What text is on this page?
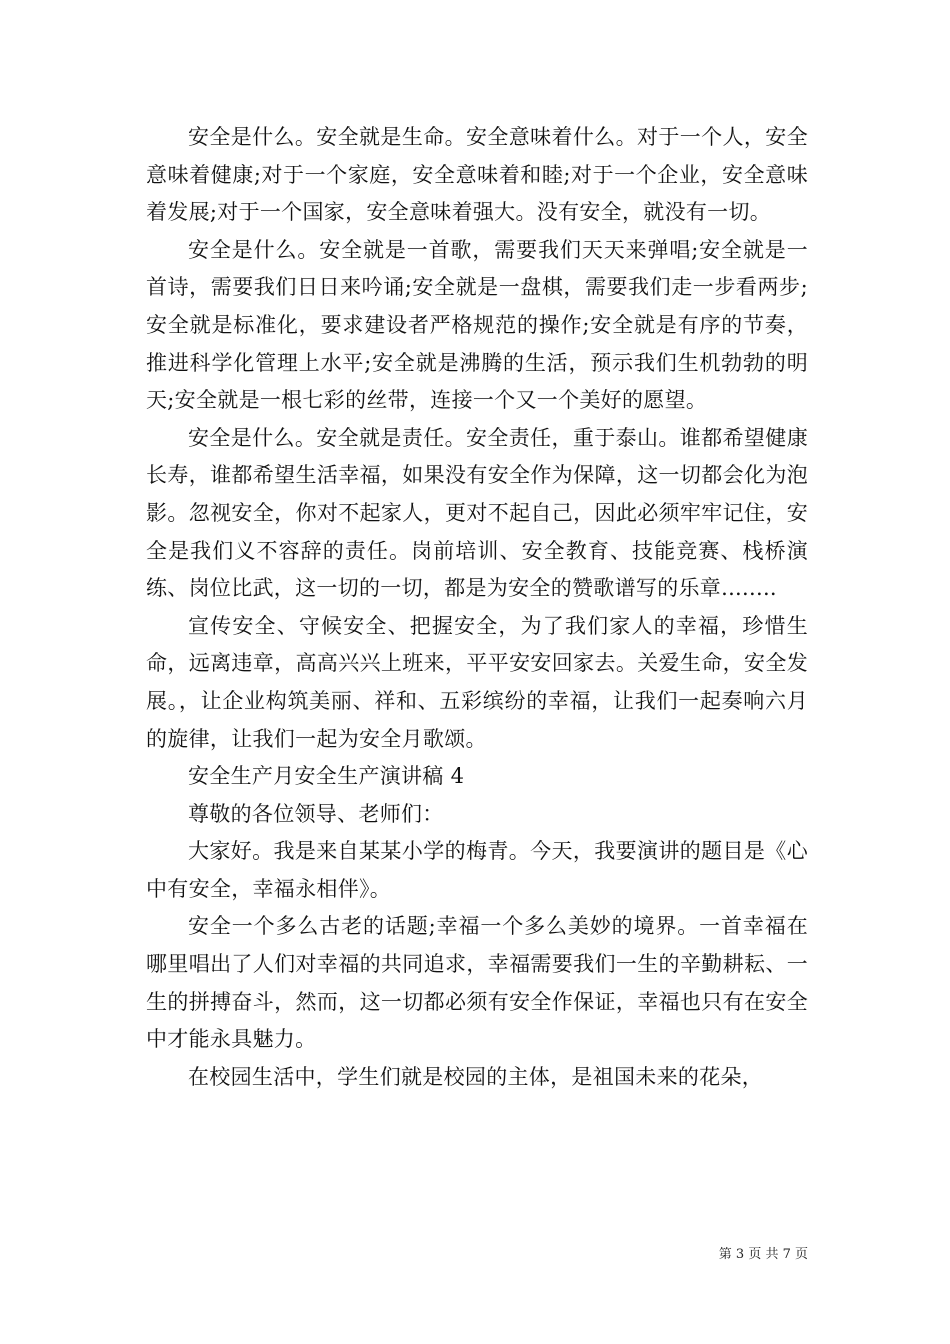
安全是什么。安全就是生命。安全意味着什么。对于一个人，安全意味着健康;对于一个家庭，安全意味着和睦;对于一个企业，安全意味着发展;对于一个国家，安全意味着强大。没有安全，就没有一切。

安全是什么。安全就是一首歌，需要我们天天来弹唱;安全就是一首诗，需要我们日日来吟诵;安全就是一盘棋，需要我们走一步看两步;安全就是标准化，要求建设者严格规范的操作;安全就是有序的节奏，推进科学化管理上水平;安全就是沸腾的生活，预示我们生机勃勃的明天;安全就是一根七彩的丝带，连接一个又一个美好的愿望。

安全是什么。安全就是责任。安全责任，重于泰山。谁都希望健康长寿，谁都希望生活幸福，如果没有安全作为保障，这一切都会化为泡影。忽视安全，你对不起家人，更对不起自己，因此必须牢牢记住，安全是我们义不容辞的责任。岗前培训、安全教育、技能竞赛、栈桥演练、岗位比武，这一切的一切，都是为安全的赞歌谱写的乐章........

宣传安全、守候安全、把握安全，为了我们家人的幸福，珍惜生命，远离违章，高高兴兴上班来，平平安安回家去。关爱生命，安全发展。，让企业构筑美丽、祥和、五彩缤纷的幸福，让我们一起奏响六月的旋律，让我们一起为安全月歌颂。

安全生产月安全生产演讲稿 4

尊敬的各位领导、老师们：

大家好。我是来自某某小学的梅青。今天，我要演讲的题目是《心中有安全，幸福永相伴》。

安全一个多么古老的话题;幸福一个多么美妙的境界。一首幸福在哪里唱出了人们对幸福的共同追求，幸福需要我们一生的辛勤耕耘、一生的拼搏奋斗，然而，这一切都必须有安全作保证，幸福也只有在安全中才能永具魅力。

在校园生活中，学生们就是校园的主体，是祖国未来的花朵，

第 3 页 共 7 页
